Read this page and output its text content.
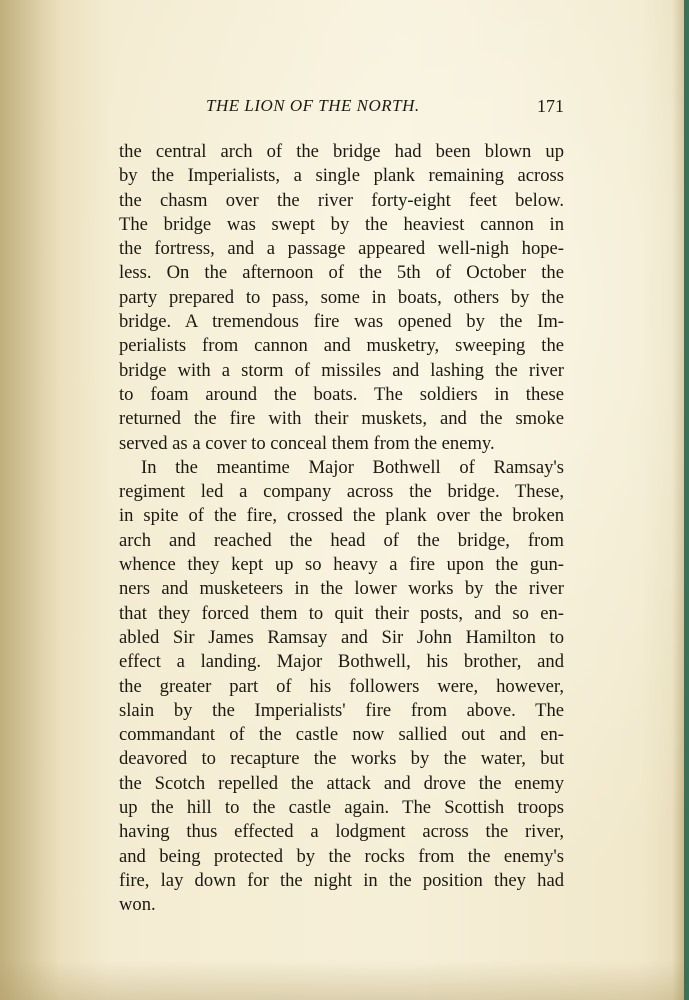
THE LION OF THE NORTH.	171
the central arch of the bridge had been blown up
by the Imperialists, a single plank remaining across
the chasm over the river forty-eight feet below.
The bridge was swept by the heaviest cannon in
the fortress, and a passage appeared well-nigh hope-
less. On the afternoon of the 5th of October the
party prepared to pass, some in boats, others by the
bridge. A tremendous fire was opened by the Im-
perialists from cannon and musketry, sweeping the
bridge with a storm of missiles and lashing the river
to foam around the boats. The soldiers in these
returned the fire with their muskets, and the smoke
served as a cover to conceal them from the enemy.
In the meantime Major Bothwell of Ramsay's
regiment led a company across the bridge. These,
in spite of the fire, crossed the plank over the broken
arch and reached the head of the bridge, from
whence they kept up so heavy a fire upon the gun-
ners and musketeers in the lower works by the river
that they forced them to quit their posts, and so en-
abled Sir James Ramsay and Sir John Hamilton to
effect a landing. Major Bothwell, his brother, and
the greater part of his followers were, however,
slain by the Imperialists' fire from above. The
commandant of the castle now sallied out and en-
deavored to recapture the works by the water, but
the Scotch repelled the attack and drove the enemy
up the hill to the castle again. The Scottish troops
having thus effected a lodgment across the river,
and being protected by the rocks from the enemy's
fire, lay down for the night in the position they had
won.
